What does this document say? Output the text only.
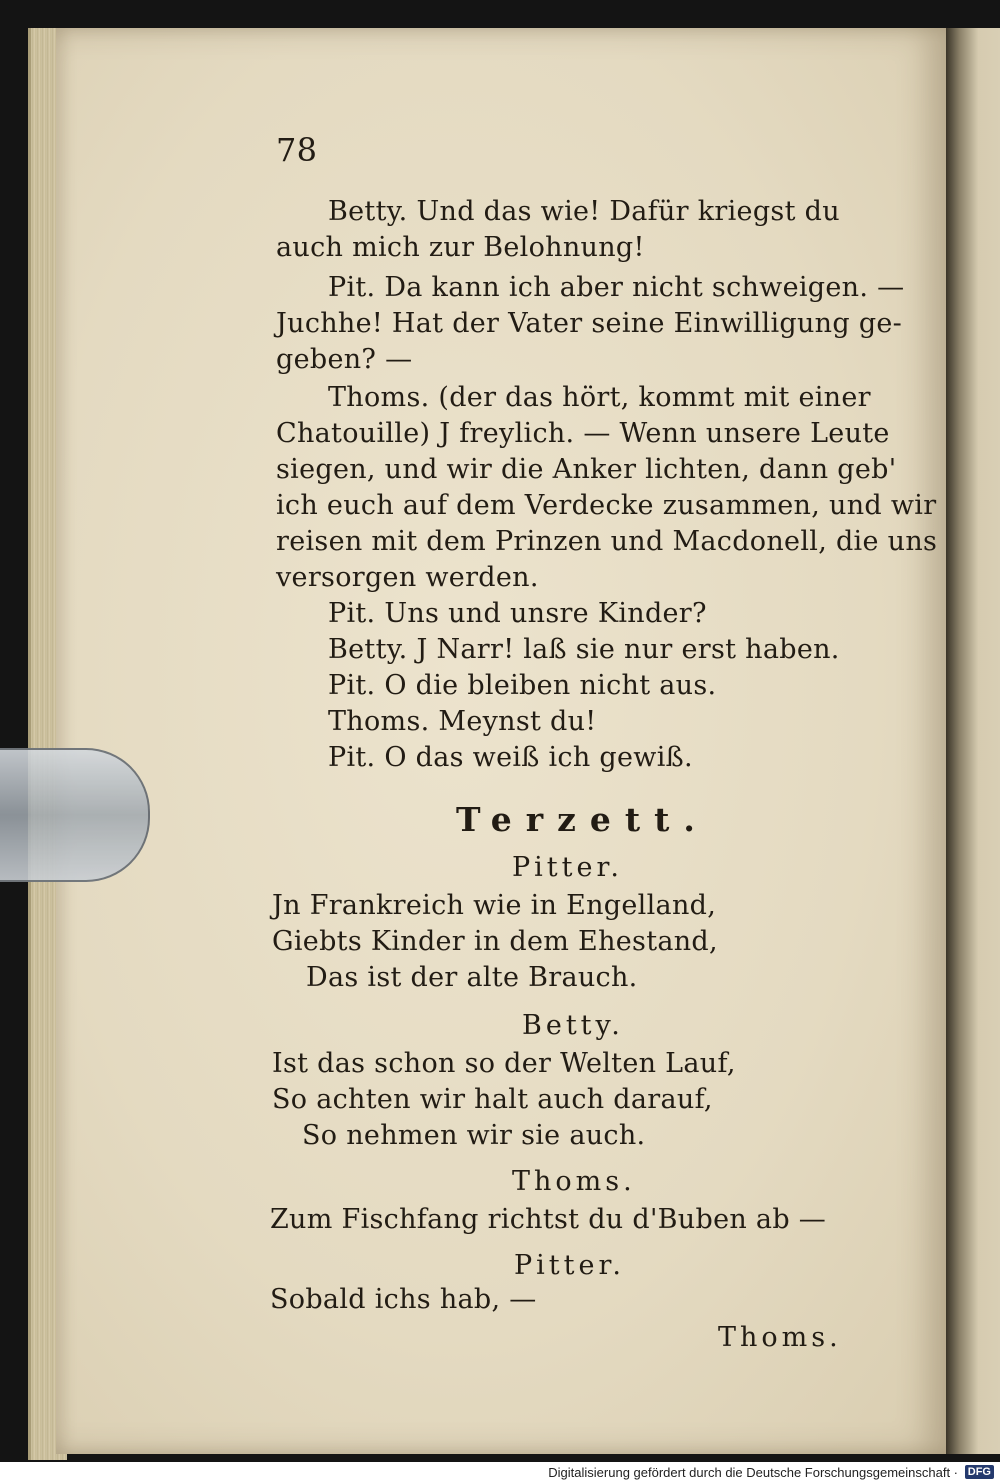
78
Betty. Und das wie! Dafür kriegst du
auch mich zur Belohnung!
Pit. Da kann ich aber nicht schweigen. —
Juchhe! Hat der Vater seine Einwilligung ge-
geben? —
Thoms. (der das hört, kommt mit einer
Chatouille) J freylich. — Wenn unsere Leute
siegen, und wir die Anker lichten, dann geb'
ich euch auf dem Verdecke zusammen, und wir
reisen mit dem Prinzen und Macdonell, die uns
versorgen werden.
Pit. Uns und unsre Kinder?
Betty. J Narr! laß sie nur erst haben.
Pit. O die bleiben nicht aus.
Thoms. Meynst du!
Pit. O das weiß ich gewiß.
Terzett.
Pitter.
Jn Frankreich wie in Engelland,
Giebts Kinder in dem Ehestand,
Das ist der alte Brauch.
Betty.
Ist das schon so der Welten Lauf,
So achten wir halt auch darauf,
So nehmen wir sie auch.
Thoms.
Zum Fischfang richtst du d'Buben ab —
Pitter.
Sobald ichs hab, —
Thoms.
Digitalisierung gefördert durch die Deutsche Forschungsgemeinschaft · DFG
